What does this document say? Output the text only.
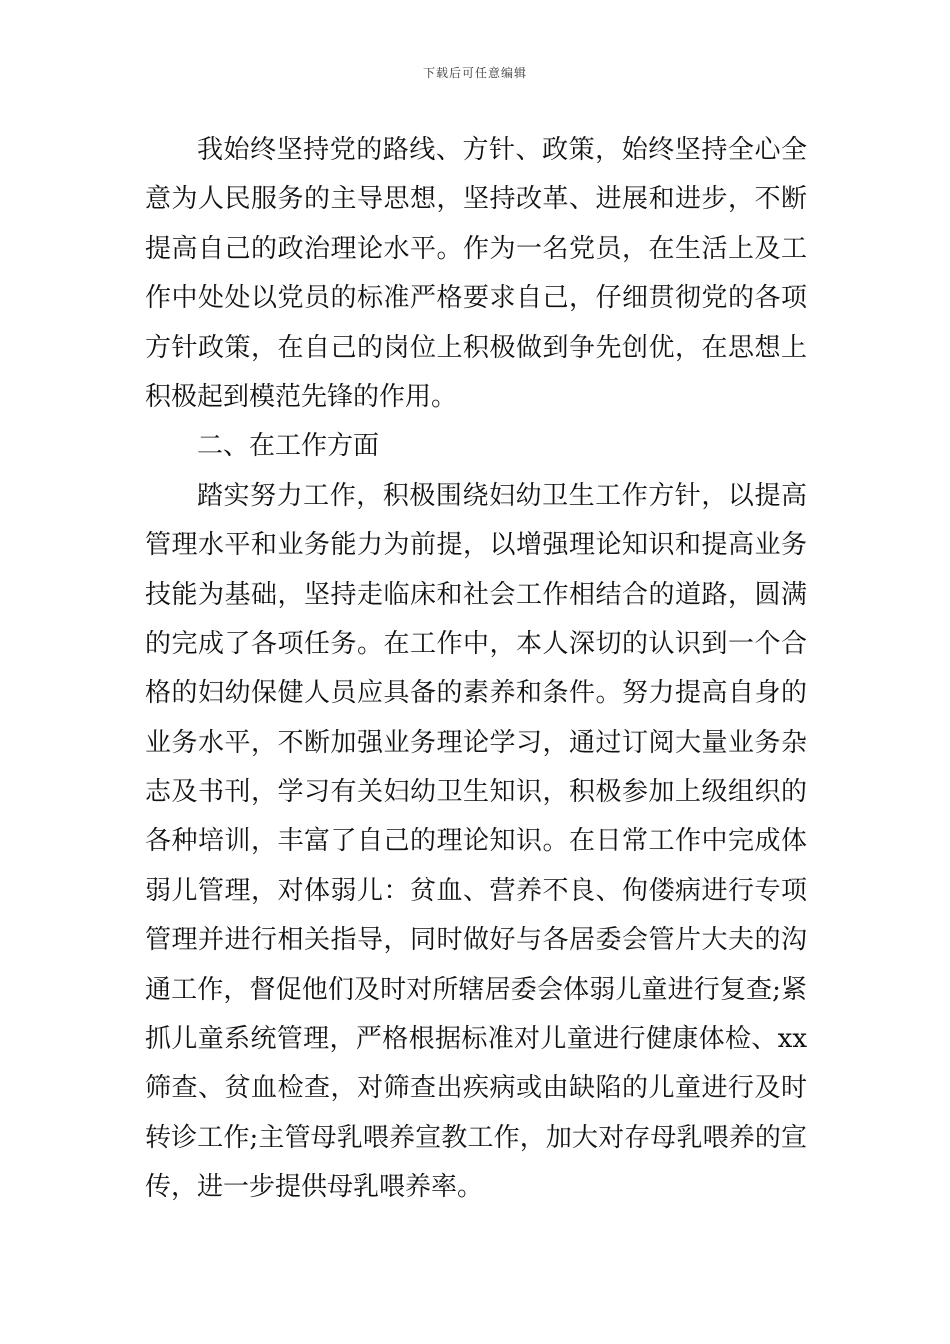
下载后可任意编辑
我始终坚持党的路线、方针、政策，始终坚持全心全
意为人民服务的主导思想，坚持改革、进展和进步，不断
提高自己的政治理论水平。作为一名党员，在生活上及工
作中处处以党员的标准严格要求自己，仔细贯彻党的各项
方针政策，在自己的岗位上积极做到争先创优，在思想上
积极起到模范先锋的作用。
二、在工作方面
踏实努力工作，积极围绕妇幼卫生工作方针，以提高
管理水平和业务能力为前提，以增强理论知识和提高业务
技能为基础，坚持走临床和社会工作相结合的道路，圆满
的完成了各项任务。在工作中，本人深切的认识到一个合
格的妇幼保健人员应具备的素养和条件。努力提高自身的
业务水平，不断加强业务理论学习，通过订阅大量业务杂
志及书刊，学习有关妇幼卫生知识，积极参加上级组织的
各种培训，丰富了自己的理论知识。在日常工作中完成体
弱儿管理，对体弱儿：贫血、营养不良、佝偻病进行专项
管理并进行相关指导，同时做好与各居委会管片大夫的沟
通工作，督促他们及时对所辖居委会体弱儿童进行复查;紧
抓儿童系统管理，严格根据标准对儿童进行健康体检、xx
筛查、贫血检查，对筛查出疾病或由缺陷的儿童进行及时
转诊工作;主管母乳喂养宣教工作，加大对存母乳喂养的宣
传，进一步提供母乳喂养率。
